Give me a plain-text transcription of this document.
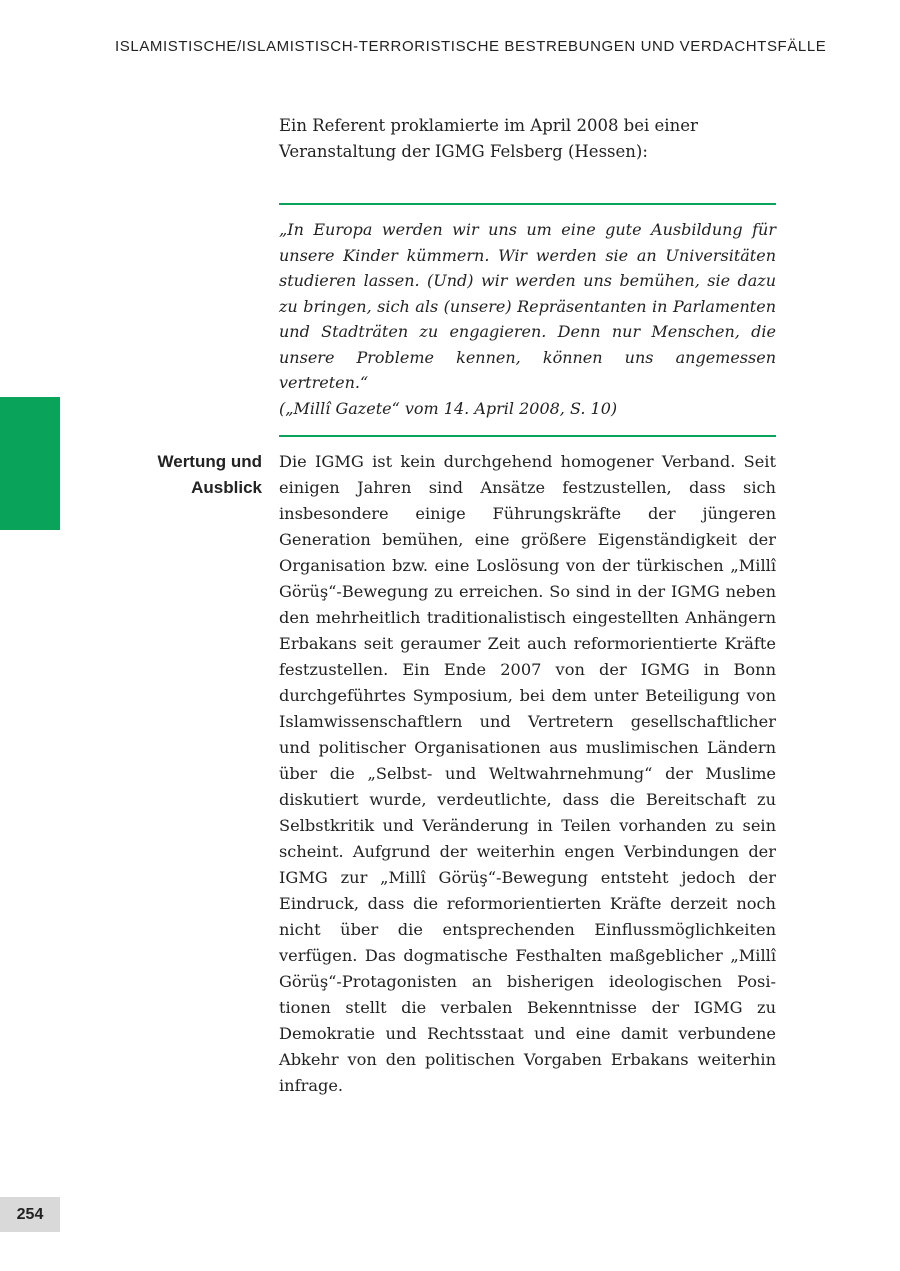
ISLAMISTISCHE/ISLAMISTISCH-TERRORISTISCHE BESTREBUNGEN UND VERDACHTSFÄLLE

Ein Referent proklamierte im April 2008 bei einer Veranstaltung der IGMG Felsberg (Hessen):

„In Europa werden wir uns um eine gute Ausbildung für unsere Kinder kümmern. Wir werden sie an Universitäten studieren lassen. (Und) wir werden uns bemühen, sie dazu zu bringen, sich als (unsere) Repräsentanten in Parlamenten und Stadträten zu engagieren. Denn nur Menschen, die unsere Probleme kennen, können uns angemessen vertreten.“

(„Millî Gazete“ vom 14. April 2008, S. 10)

Wertung und
Ausblick

Die IGMG ist kein durchgehend homogener Verband. Seit einigen Jahren sind Ansätze festzustellen, dass sich insbesondere einige Führungskräfte der jüngeren Generation bemühen, eine größere Eigenständigkeit der Organisation bzw. eine Loslösung von der türkischen „Millî Görüş“-Bewegung zu erreichen. So sind in der IGMG neben den mehrheitlich traditionalistisch eingestellten Anhängern Erbakans seit geraumer Zeit auch reformorientierte Kräfte festzustellen. Ein Ende 2007 von der IGMG in Bonn durchgeführtes Symposium, bei dem unter Beteiligung von Islamwissenschaftlern und Vertretern gesellschaftlicher und politischer Organisationen aus muslimischen Ländern über die „Selbst- und Weltwahrnehmung“ der Muslime diskutiert wurde, verdeutlichte, dass die Bereitschaft zu Selbstkritik und Veränderung in Teilen vorhanden zu sein scheint. Aufgrund der weiterhin engen Verbindungen der IGMG zur „Millî Görüş“-Bewegung entsteht jedoch der Eindruck, dass die reformorientierten Kräfte derzeit noch nicht über die entsprechenden Einflussmöglichkeiten verfügen. Das dogmatische Festhalten maßgeblicher „Millî Görüş“-Protagonisten an bisherigen ideologischen Positionen stellt die verbalen Bekenntnisse der IGMG zu Demokratie und Rechtsstaat und eine damit verbundene Abkehr von den politischen Vorgaben Erbakans weiterhin infrage.

254
